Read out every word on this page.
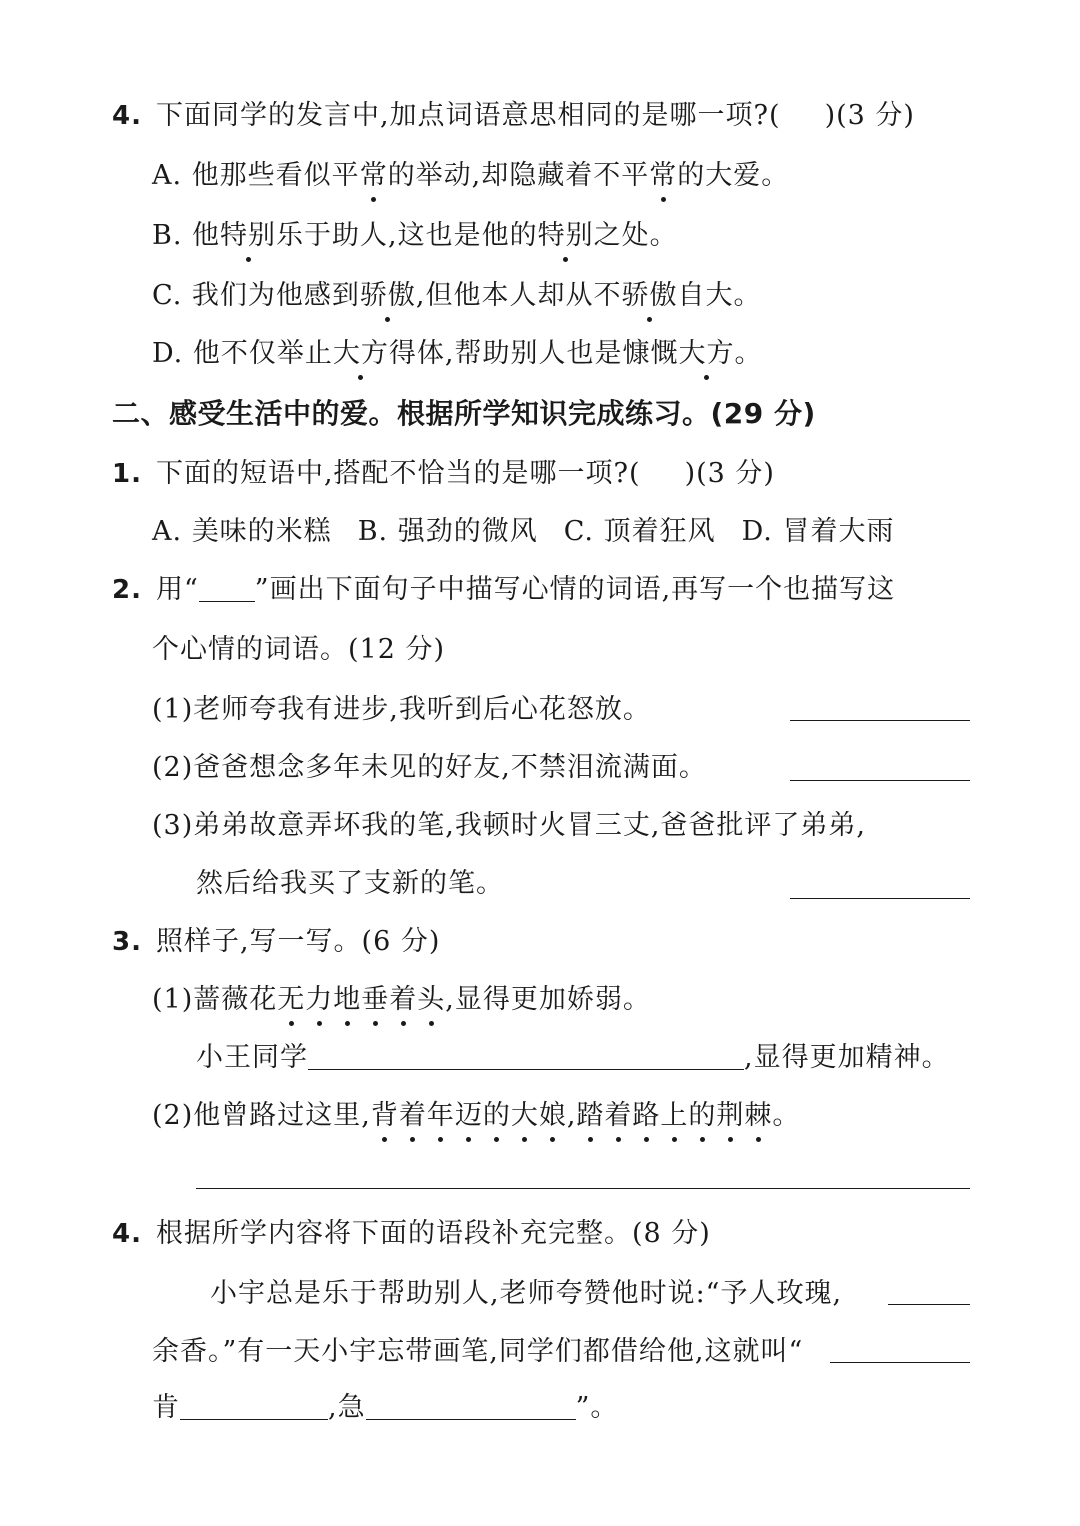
4. 下面同学的发言中,加点词语意思相同的是哪一项?( )(3 分)
A. 他那些看似平常的举动,却隐藏着不平常的大爱。
B. 他特别乐于助人,这也是他的特别之处。
C. 我们为他感到骄傲,但他本人却从不骄傲自大。
D. 他不仅举止大方得体,帮助别人也是慷慨大方。
二、感受生活中的爱。根据所学知识完成练习。(29 分)
1. 下面的短语中,搭配不恰当的是哪一项?( )(3 分)
A. 美味的米糕 B. 强劲的微风 C. 顶着狂风 D. 冒着大雨
2. 用“ ”画出下面句子中描写心情的词语,再写一个也描写这
个心情的词语。(12 分)
(1)老师夸我有进步,我听到后心花怒放。
(2)爸爸想念多年未见的好友,不禁泪流满面。
(3)弟弟故意弄坏我的笔,我顿时火冒三丈,爸爸批评了弟弟,
然后给我买了支新的笔。
3. 照样子,写一写。(6 分)
(1)蔷薇花无力地垂着头,显得更加娇弱。
小王同学	,显得更加精神。
(2)他曾路过这里,背着年迈的大娘,踏着路上的荆棘。
4. 根据所学内容将下面的语段补充完整。(8 分)
小宇总是乐于帮助别人,老师夸赞他时说:“予人玫瑰,
余香。”有一天小宇忘带画笔,同学们都借给他,这就叫“
肯	,急	”。
